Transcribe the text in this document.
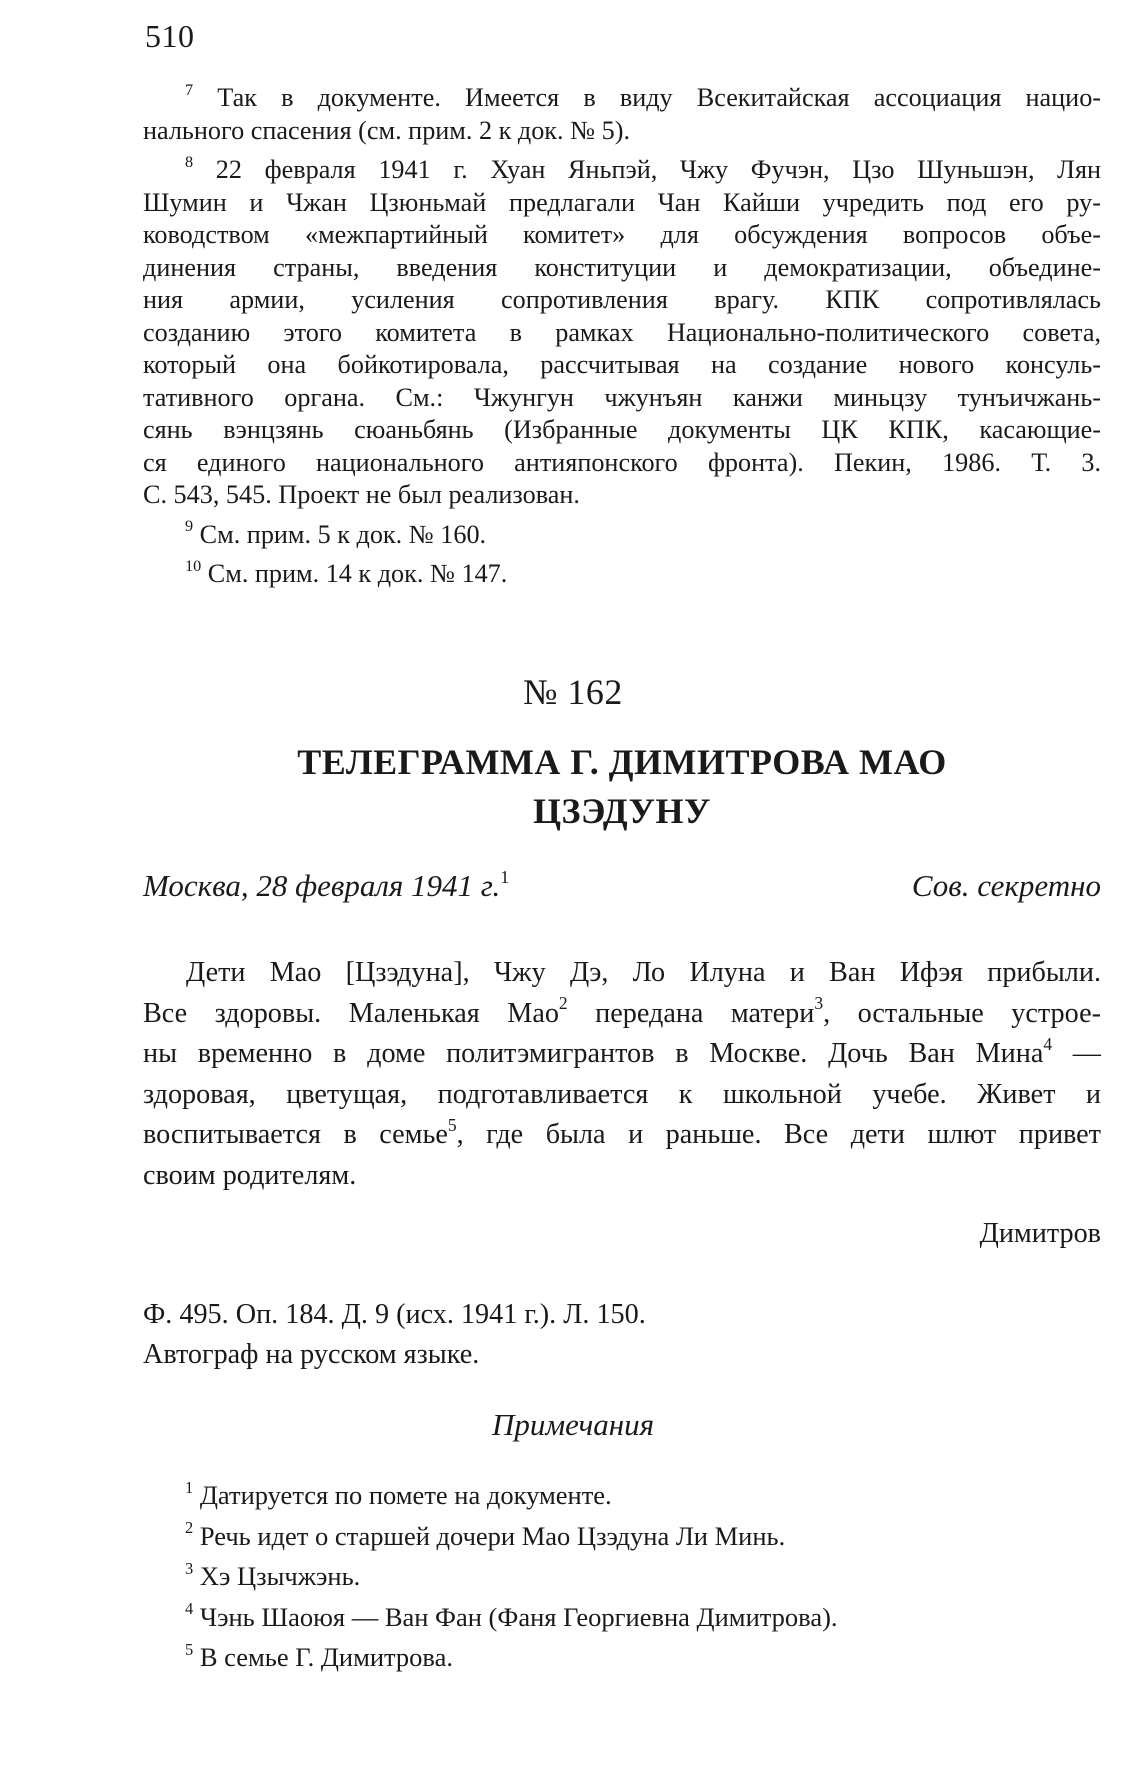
510
$^7$ Так в документе. Имеется в виду Всекитайская ассоциация нацио-
нального спасения (см. прим. 2 к док. № 5).
$^8$ 22 февраля 1941 г. Хуан Яньпэй, Чжу Фучэн, Цзо Шуньшэн, Лян
Шумин и Чжан Цзюньмай предлагали Чан Кайши учредить под его ру-
ководством «межпартийный комитет» для обсуждения вопросов объе-
динения страны, введения конституции и демократизации, объедине-
ния армии, усиления сопротивления врагу. КПК сопротивлялась
созданию этого комитета в рамках Национально-политического совета,
который она бойкотировала, рассчитывая на создание нового консуль-
тативного органа. См.: Чжунгун чжунъян канжи миньцзу тунъичжань-
сянь вэнцзянь сюаньбянь (Избранные документы ЦК КПК, касающие-
ся единого национального антияпонского фронта). Пекин, 1986. Т. 3.
С. 543, 545. Проект не был реализован.
$^9$ См. прим. 5 к док. № 160.
$^{10}$ См. прим. 14 к док. № 147.
№ 162
ТЕЛЕГРАММА Г. ДИМИТРОВА МАО
ЦЗЭДУНУ
Москва, 28 февраля 1941 г.$^1$	Сов. секретно
Дети Мао [Цзэдуна], Чжу Дэ, Ло Илуна и Ван Ифэя прибыли.
Все здоровы. Маленькая Мао$^2$ передана матери$^3$, остальные устрое-
ны временно в доме политэмигрантов в Москве. Дочь Ван Мина$^4$ —
здоровая, цветущая, подготавливается к школьной учебе. Живет и
воспитывается в семье$^5$, где была и раньше. Все дети шлют привет
своим родителям.
Димитров
Ф. 495. Оп. 184. Д. 9 (исх. 1941 г.). Л. 150.
Автограф на русском языке.
Примечания
$^1$ Датируется по помете на документе.
$^2$ Речь идет о старшей дочери Мао Цзэдуна Ли Минь.
$^3$ Хэ Цзычжэнь.
$^4$ Чэнь Шаоюя — Ван Фан (Фаня Георгиевна Димитрова).
$^5$ В семье Г. Димитрова.
